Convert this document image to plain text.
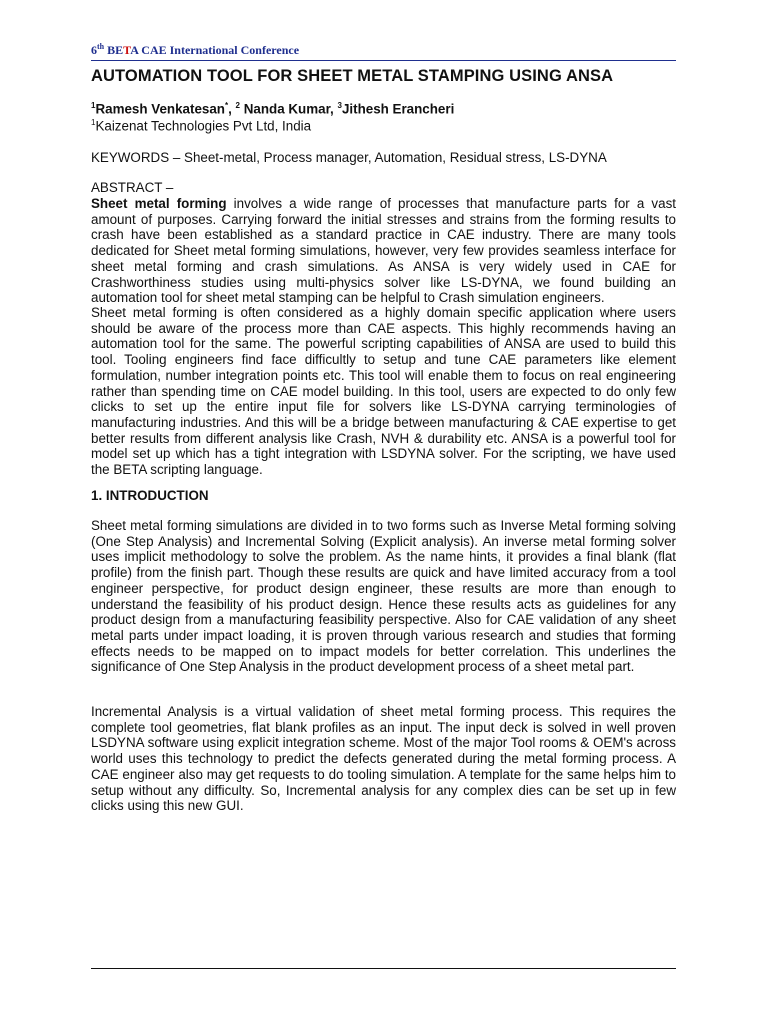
6th BETA CAE International Conference
AUTOMATION TOOL FOR SHEET METAL STAMPING USING ANSA
$^1$Ramesh Venkatesan*, $^2$ Nanda Kumar, $^3$Jithesh Erancheri
$^1$Kaizenat Technologies Pvt Ltd, India
KEYWORDS – Sheet-metal, Process manager, Automation, Residual stress, LS-DYNA
ABSTRACT –
Sheet metal forming involves a wide range of processes that manufacture parts for a vast amount of purposes. Carrying forward the initial stresses and strains from the forming results to crash have been established as a standard practice in CAE industry. There are many tools dedicated for Sheet metal forming simulations, however, very few provides seamless interface for sheet metal forming and crash simulations. As ANSA is very widely used in CAE for Crashworthiness studies using multi-physics solver like LS-DYNA, we found building an automation tool for sheet metal stamping can be helpful to Crash simulation engineers.
Sheet metal forming is often considered as a highly domain specific application where users should be aware of the process more than CAE aspects. This highly recommends having an automation tool for the same. The powerful scripting capabilities of ANSA are used to build this tool. Tooling engineers find face difficultly to setup and tune CAE parameters like element formulation, number integration points etc. This tool will enable them to focus on real engineering rather than spending time on CAE model building. In this tool, users are expected to do only few clicks to set up the entire input file for solvers like LS-DYNA carrying terminologies of manufacturing industries. And this will be a bridge between manufacturing & CAE expertise to get better results from different analysis like Crash, NVH & durability etc. ANSA is a powerful tool for model set up which has a tight integration with LSDYNA solver. For the scripting, we have used the BETA scripting language.
1. INTRODUCTION
Sheet metal forming simulations are divided in to two forms such as Inverse Metal forming solving (One Step Analysis) and Incremental Solving (Explicit analysis). An inverse metal forming solver uses implicit methodology to solve the problem. As the name hints, it provides a final blank (flat profile) from the finish part. Though these results are quick and have limited accuracy from a tool engineer perspective, for product design engineer, these results are more than enough to understand the feasibility of his product design. Hence these results acts as guidelines for any product design from a manufacturing feasibility perspective. Also for CAE validation of any sheet metal parts under impact loading, it is proven through various research and studies that forming effects needs to be mapped on to impact models for better correlation. This underlines the significance of One Step Analysis in the product development process of a sheet metal part.
Incremental Analysis is a virtual validation of sheet metal forming process. This requires the complete tool geometries, flat blank profiles as an input. The input deck is solved in well proven LSDYNA software using explicit integration scheme. Most of the major Tool rooms & OEM's across world uses this technology to predict the defects generated during the metal forming process. A CAE engineer also may get requests to do tooling simulation. A template for the same helps him to setup without any difficulty. So, Incremental analysis for any complex dies can be set up in few clicks using this new GUI.
